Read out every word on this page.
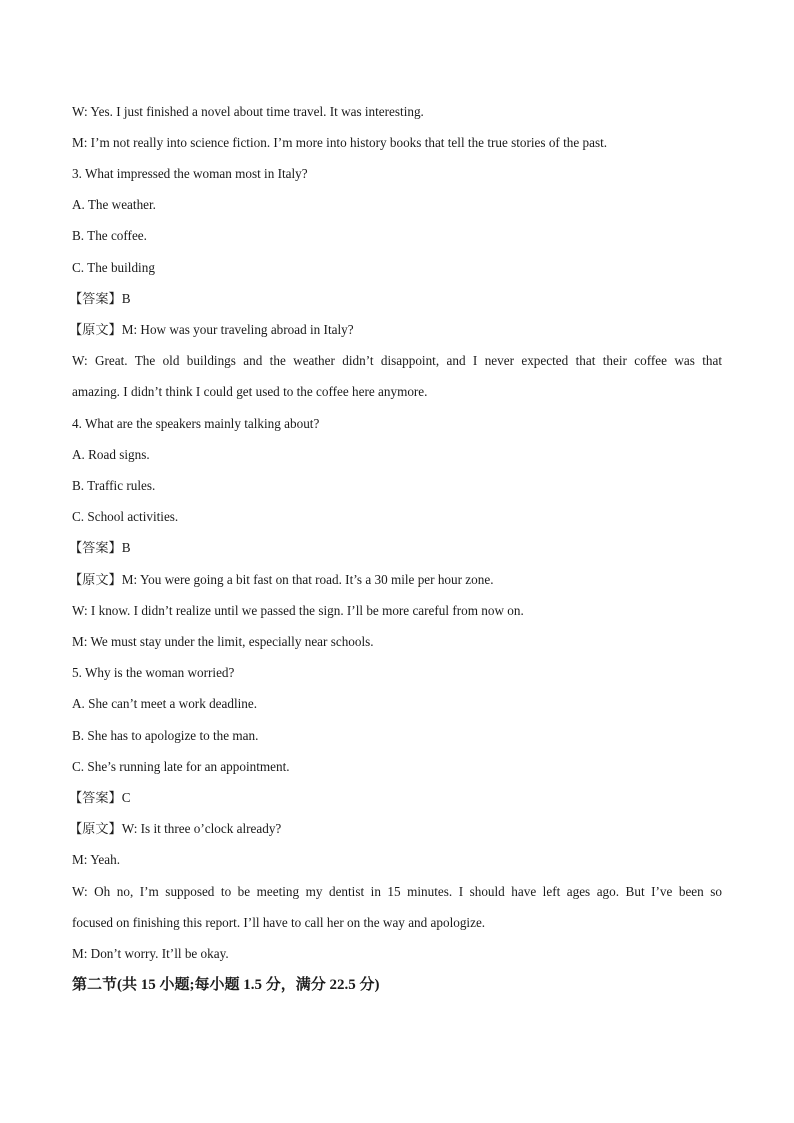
W: Yes. I just finished a novel about time travel. It was interesting.
M: I’m not really into science fiction. I’m more into history books that tell the true stories of the past.
3. What impressed the woman most in Italy?
A. The weather.
B. The coffee.
C. The building
【答案】B
【原文】M: How was your traveling abroad in Italy?
W: Great. The old buildings and the weather didn’t disappoint, and I never expected that their coffee was that
amazing. I didn’t think I could get used to the coffee here anymore.
4. What are the speakers mainly talking about?
A. Road signs.
B. Traffic rules.
C. School activities.
【答案】B
【原文】M: You were going a bit fast on that road. It’s a 30 mile per hour zone.
W: I know. I didn’t realize until we passed the sign. I’ll be more careful from now on.
M: We must stay under the limit, especially near schools.
5. Why is the woman worried?
A. She can’t meet a work deadline.
B. She has to apologize to the man.
C. She’s running late for an appointment.
【答案】C
【原文】W: Is it three o’clock already?
M: Yeah.
W: Oh no, I’m supposed to be meeting my dentist in 15 minutes. I should have left ages ago. But I’ve been so
focused on finishing this report. I’ll have to call her on the way and apologize.
M: Don’t worry. It’ll be okay.
第二节(共 15 小题;每小题 1.5 分，满分 22.5 分)
